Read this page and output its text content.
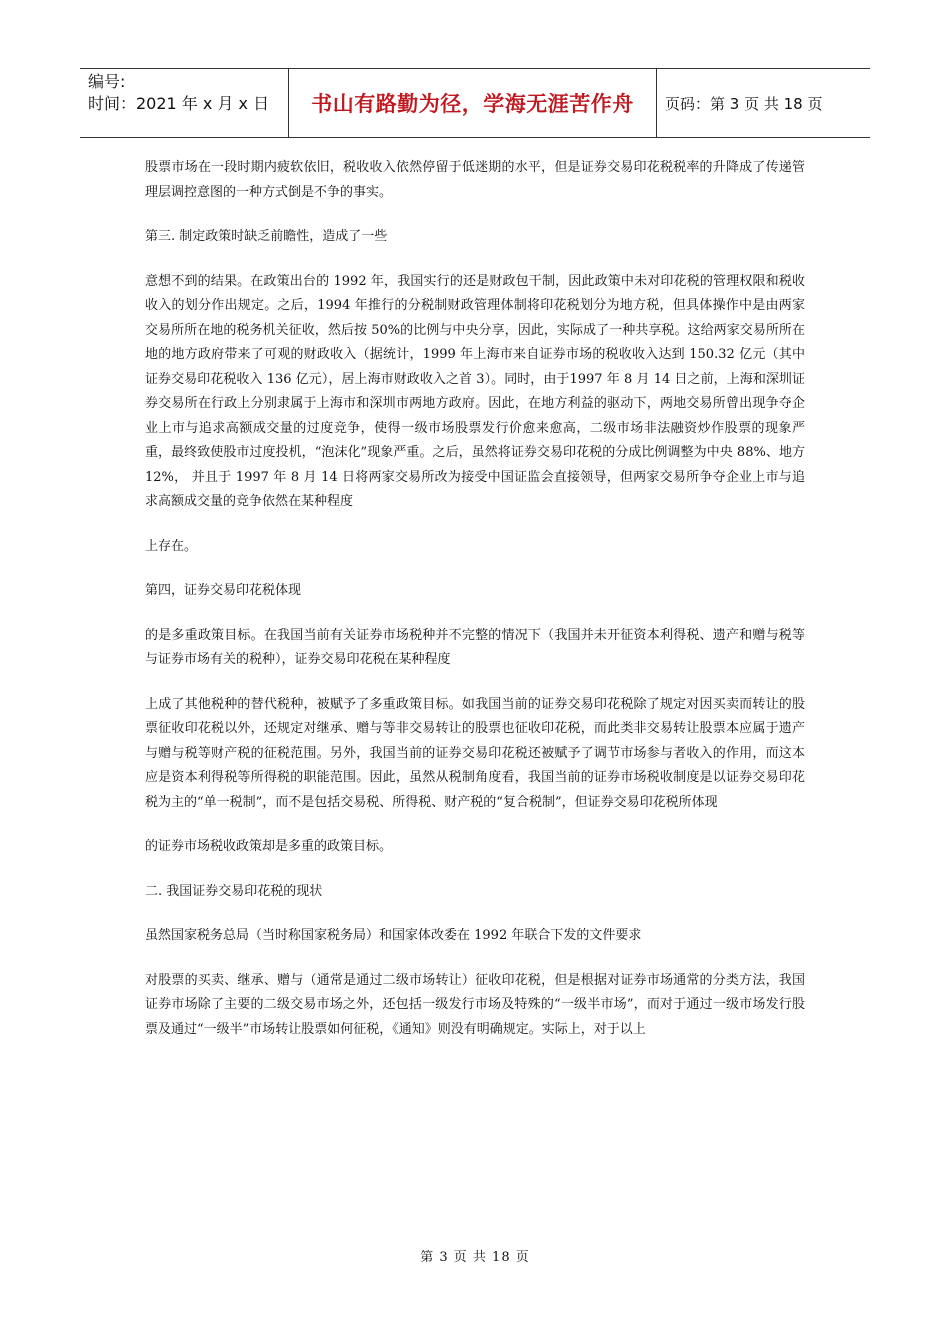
编号:
时间：2021 年 x 月 x 日	书山有路勤为径，学海无涯苦作舟	页码：第 3 页 共 18 页

股票市场在一段时期内疲软依旧，税收收入依然停留于低迷期的水平，但是证券交易印花税税率的升降成了传递管理层调控意图的一种方式倒是不争的事实。

第三. 制定政策时缺乏前瞻性，造成了一些

意想不到的结果。在政策出台的 1992 年，我国实行的还是财政包干制，因此政策中未对印花税的管理权限和税收收入的划分作出规定。之后，1994 年推行的分税制财政管理体制将印花税划分为地方税，但具体操作中是由两家交易所所在地的税务机关征收，然后按 50%的比例与中央分享，因此，实际成了一种共享税。这给两家交易所所在地的地方政府带来了可观的财政收入（据统计，1999 年上海市来自证券市场的税收收入达到 150.32 亿元（其中证券交易印花税收入 136 亿元），居上海市财政收入之首 3）。同时，由于1997 年 8 月 14 日之前，上海和深圳证券交易所在行政上分别隶属于上海市和深圳市两地方政府。因此，在地方利益的驱动下，两地交易所曾出现争夺企业上市与追求高额成交量的过度竞争，使得一级市场股票发行价愈来愈高，二级市场非法融资炒作股票的现象严重，最终致使股市过度投机，“泡沫化”现象严重。之后，虽然将证券交易印花税的分成比例调整为中央 88%、地方 12%， 并且于 1997 年 8 月 14 日将两家交易所改为接受中国证监会直接领导，但两家交易所争夺企业上市与追求高额成交量的竞争依然在某种程度

上存在。

第四，证券交易印花税体现

的是多重政策目标。在我国当前有关证券市场税种并不完整的情况下（我国并未开征资本利得税、遗产和赠与税等与证券市场有关的税种），证券交易印花税在某种程度

上成了其他税种的替代税种，被赋予了多重政策目标。如我国当前的证券交易印花税除了规定对因买卖而转让的股票征收印花税以外，还规定对继承、赠与等非交易转让的股票也征收印花税，而此类非交易转让股票本应属于遗产与赠与税等财产税的征税范围。另外，我国当前的证券交易印花税还被赋予了调节市场参与者收入的作用，而这本应是资本利得税等所得税的职能范围。因此，虽然从税制角度看，我国当前的证券市场税收制度是以证券交易印花税为主的“单一税制”，而不是包括交易税、所得税、财产税的“复合税制”，但证券交易印花税所体现

的证券市场税收政策却是多重的政策目标。

二. 我国证券交易印花税的现状

虽然国家税务总局（当时称国家税务局）和国家体改委在 1992 年联合下发的文件要求

对股票的买卖、继承、赠与（通常是通过二级市场转让）征收印花税，但是根据对证券市场通常的分类方法，我国证券市场除了主要的二级交易市场之外，还包括一级发行市场及特殊的“一级半市场”，而对于通过一级市场发行股票及通过“一级半”市场转让股票如何征税，《通知》则没有明确规定。实际上，对于以上

第 3 页 共 18 页
